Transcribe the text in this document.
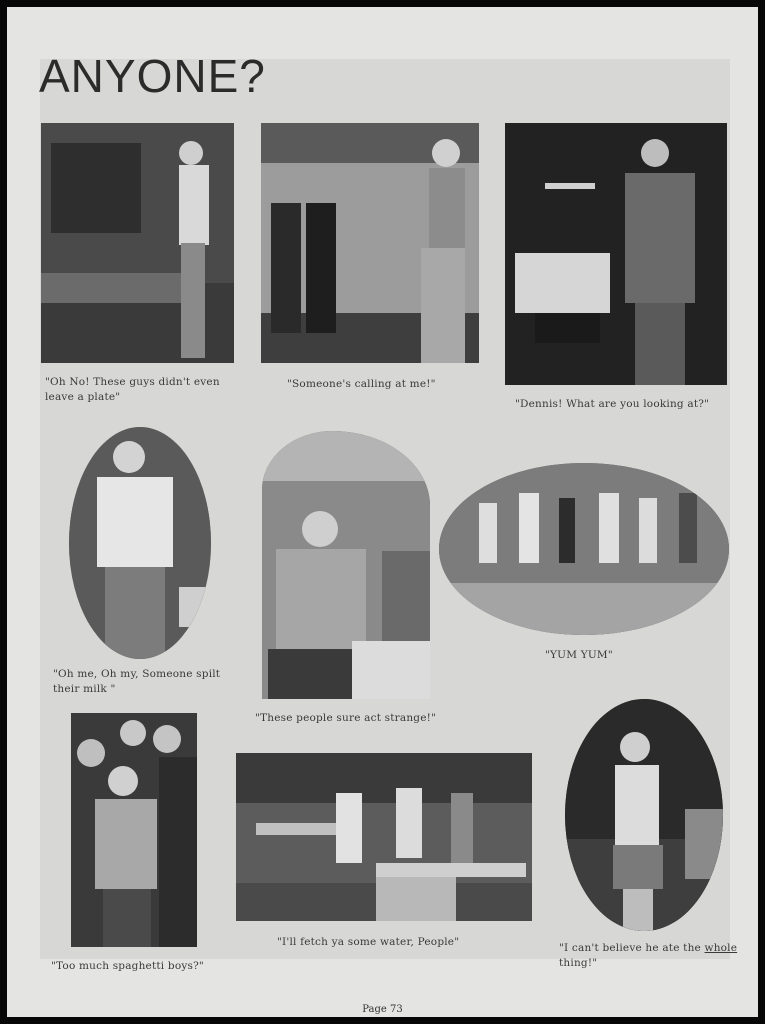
ANYONE?

"Oh No! These guys didn't even leave a plate"

"Someone's calling at me!"

"Dennis! What are you looking at?"

"Oh me, Oh my, Someone spilt their milk "

"These people sure act strange!"

"YUM YUM"

"Too much spaghetti boys?"

"I'll fetch ya some water, People"	"I can't believe he ate the whole thing!"

Page 73
